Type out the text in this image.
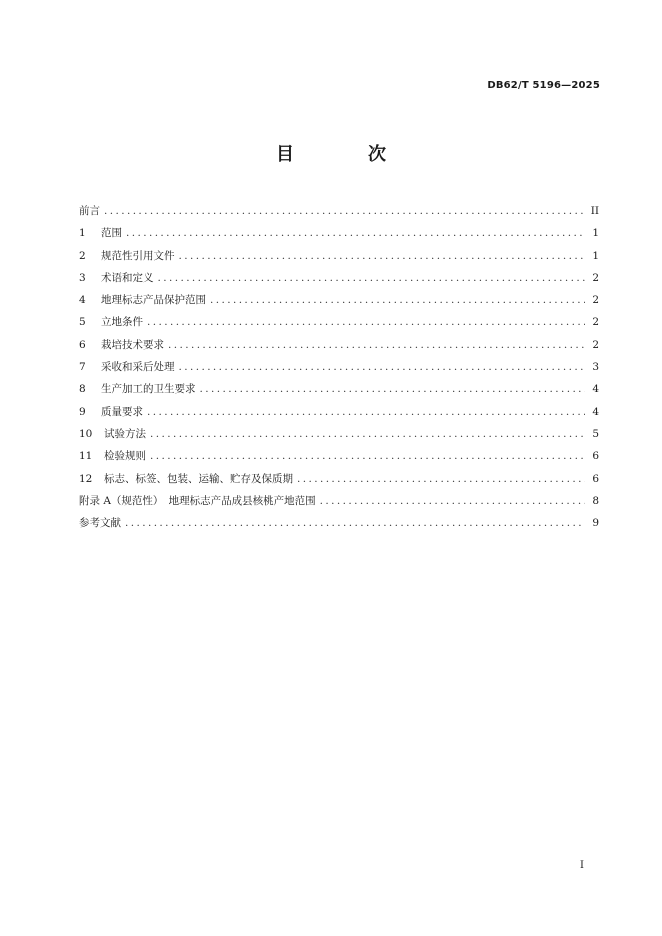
DB62/T 5196—2025
目　次
前言 .....	II
1	范围 .....	1
2	规范性引用文件 .....	1
3	术语和定义 .....	2
4	地理标志产品保护范围 .....	2
5	立地条件 .....	2
6	栽培技术要求 .....	2
7	采收和采后处理 .....	3
8	生产加工的卫生要求 .....	4
9	质量要求 .....	4
10	试验方法 .....	5
11	检验规则 .....	6
12	标志、标签、包装、运输、贮存及保质期 .....	6
附录 A（规范性）　地理标志产品成县核桃产地范围 .....	8
参考文献 .....	9
I
